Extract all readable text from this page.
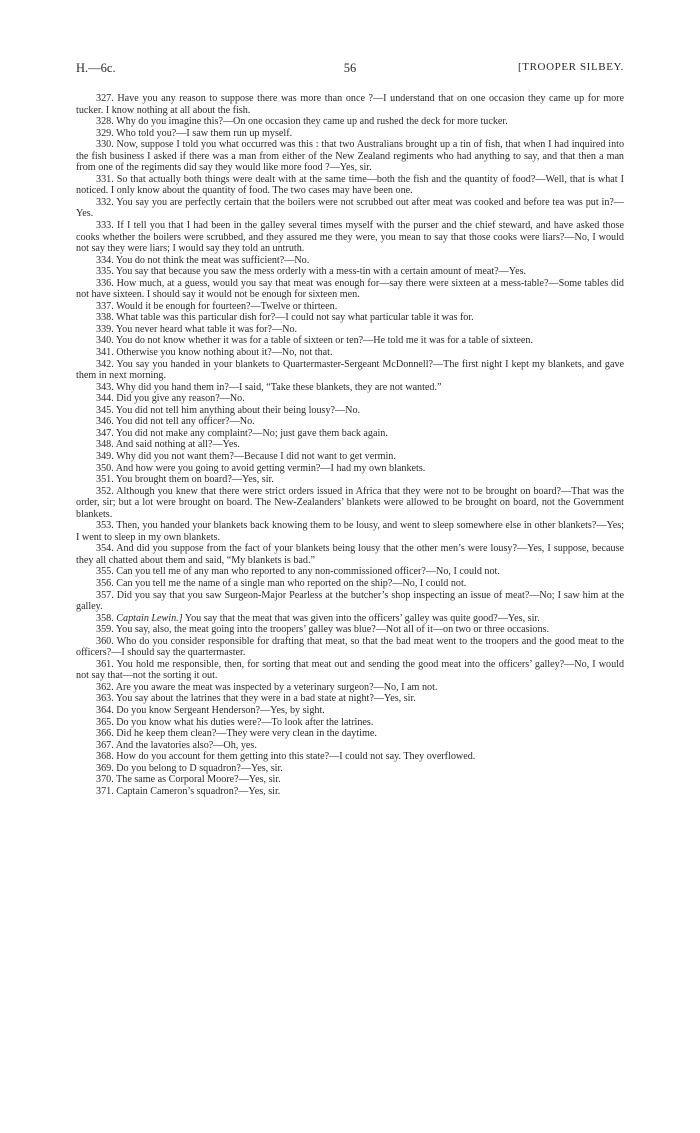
H.—6c.	56	[TROOPER SILBEY.

327. Have you any reason to suppose there was more than once ?—I understand that on one occasion they came up for more tucker. I know nothing at all about the fish.

328. Why do you imagine this?—On one occasion they came up and rushed the deck for more tucker.

329. Who told you?—I saw them run up myself.

330. Now, suppose I told you what occurred was this : that two Australians brought up a tin of fish, that when I had inquired into the fish business I asked if there was a man from either of the New Zealand regiments who had anything to say, and that then a man from one of the regiments did say they would like more food ?—Yes, sir.

331. So that actually both things were dealt with at the same time—both the fish and the quantity of food?—Well, that is what I noticed. I only know about the quantity of food. The two cases may have been one.

332. You say you are perfectly certain that the boilers were not scrubbed out after meat was cooked and before tea was put in?—Yes.

333. If I tell you that I had been in the galley several times myself with the purser and the chief steward, and have asked those cooks whether the boilers were scrubbed, and they assured me they were, you mean to say that those cooks were liars?—No, I would not say they were liars; I would say they told an untruth.

334. You do not think the meat was sufficient?—No.

335. You say that because you saw the mess orderly with a mess-tin with a certain amount of meat?—Yes.

336. How much, at a guess, would you say that meat was enough for—say there were sixteen at a mess-table?—Some tables did not have sixteen. I should say it would not be enough for sixteen men.

337. Would it be enough for fourteen?—Twelve or thirteen.

338. What table was this particular dish for?—I could not say what particular table it was for.

339. You never heard what table it was for?—No.

340. You do not know whether it was for a table of sixteen or ten?—He told me it was for a table of sixteen.

341. Otherwise you know nothing about it?—No, not that.

342. You say you handed in your blankets to Quartermaster-Sergeant McDonnell?—The first night I kept my blankets, and gave them in next morning.

343. Why did you hand them in?—I said, “Take these blankets, they are not wanted.”

344. Did you give any reason?—No.

345. You did not tell him anything about their being lousy?—No.

346. You did not tell any officer?—No.

347. You did not make any complaint?—No; just gave them back again.

348. And said nothing at all?—Yes.

349. Why did you not want them?—Because I did not want to get vermin.

350. And how were you going to avoid getting vermin?—I had my own blankets.

351. You brought them on board?—Yes, sir.

352. Although you knew that there were strict orders issued in Africa that they were not to be brought on board?—That was the order, sir; but a lot were brought on board. The New-Zealanders’ blankets were allowed to be brought on board, not the Government blankets.

353. Then, you handed your blankets back knowing them to be lousy, and went to sleep somewhere else in other blankets?—Yes; I went to sleep in my own blankets.

354. And did you suppose from the fact of your blankets being lousy that the other men’s were lousy?—Yes, I suppose, because they all chatted about them and said, “My blankets is bad.”

355. Can you tell me of any man who reported to any non-commissioned officer?—No, I could not.

356. Can you tell me the name of a single man who reported on the ship?—No, I could not.

357. Did you say that you saw Surgeon-Major Pearless at the butcher’s shop inspecting an issue of meat?—No; I saw him at the galley.

358. Captain Lewin.] You say that the meat that was given into the officers’ galley was quite good?—Yes, sir.

359. You say, also, the meat going into the troopers’ galley was blue?—Not all of it—on two or three occasions.

360. Who do you consider responsible for drafting that meat, so that the bad meat went to the troopers and the good meat to the officers?—I should say the quartermaster.

361. You hold me responsible, then, for sorting that meat out and sending the good meat into the officers’ galley?—No, I would not say that—not the sorting it out.

362. Are you aware the meat was inspected by a veterinary surgeon?—No, I am not.

363. You say about the latrines that they were in a bad state at night?—Yes, sir.

364. Do you know Sergeant Henderson?—Yes, by sight.

365. Do you know what his duties were?—To look after the latrines.

366. Did he keep them clean?—They were very clean in the daytime.

367. And the lavatories also?—Oh, yes.

368. How do you account for them getting into this state?—I could not say. They overflowed.

369. Do you belong to D squadron?—Yes, sir.

370. The same as Corporal Moore?—Yes, sir.

371. Captain Cameron’s squadron?—Yes, sir.
